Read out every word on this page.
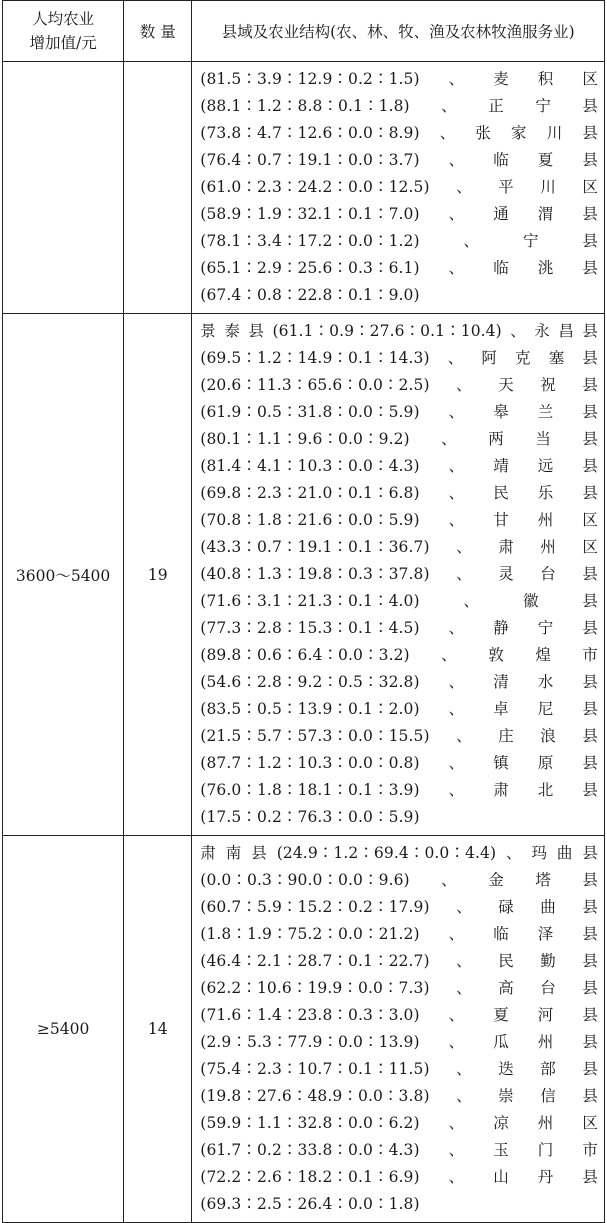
人均农业
增加值/元	数 量	县域及农业结构(农、林、牧、渔及农林牧渔服务业)
		(81.5∶3.9∶12.9∶0.2∶1.5)、麦积区(88.1∶1.2∶8.8∶0.1∶1.8)、正宁县(73.8∶4.7∶12.6∶0.0∶8.9)、张家川县(76.4∶0.7∶19.1∶0.0∶3.7)、临夏县(61.0∶2.3∶24.2∶0.0∶12.5)、平川区(58.9∶1.9∶32.1∶0.1∶7.0)、通渭县(78.1∶3.4∶17.2∶0.0∶1.2)、宁县(65.1∶2.9∶25.6∶0.3∶6.1)、临洮县(67.4∶0.8∶22.8∶0.1∶9.0)
3600～5400	19	景泰县(61.1∶0.9∶27.6∶0.1∶10.4)、永昌县(69.5∶1.2∶14.9∶0.1∶14.3)、阿克塞县(20.6∶11.3∶65.6∶0.0∶2.5)、天祝县(61.9∶0.5∶31.8∶0.0∶5.9)、皋兰县(80.1∶1.1∶9.6∶0.0∶9.2)、两当县(81.4∶4.1∶10.3∶0.0∶4.3)、靖远县(69.8∶2.3∶21.0∶0.1∶6.8)、民乐县(70.8∶1.8∶21.6∶0.0∶5.9)、甘州区(43.3∶0.7∶19.1∶0.1∶36.7)、肃州区(40.8∶1.3∶19.8∶0.3∶37.8)、灵台县(71.6∶3.1∶21.3∶0.1∶4.0)、徽县(77.3∶2.8∶15.3∶0.1∶4.5)、静宁县(89.8∶0.6∶6.4∶0.0∶3.2)、敦煌市(54.6∶2.8∶9.2∶0.5∶32.8)、清水县(83.5∶0.5∶13.9∶0.1∶2.0)、卓尼县(21.5∶5.7∶57.3∶0.0∶15.5)、庄浪县(87.7∶1.2∶10.3∶0.0∶0.8)、镇原县(76.0∶1.8∶18.1∶0.1∶3.9)、肃北县(17.5∶0.2∶76.3∶0.0∶5.9)
≥5400	14	肃南县(24.9∶1.2∶69.4∶0.0∶4.4)、玛曲县(0.0∶0.3∶90.0∶0.0∶9.6)、金塔县(60.7∶5.9∶15.2∶0.2∶17.9)、碌曲县(1.8∶1.9∶75.2∶0.0∶21.2)、临泽县(46.4∶2.1∶28.7∶0.1∶22.7)、民勤县(62.2∶10.6∶19.9∶0.0∶7.3)、高台县(71.6∶1.4∶23.8∶0.3∶3.0)、夏河县(2.9∶5.3∶77.9∶0.0∶13.9)、瓜州县(75.4∶2.3∶10.7∶0.1∶11.5)、迭部县(19.8∶27.6∶48.9∶0.0∶3.8)、崇信县(59.9∶1.1∶32.8∶0.0∶6.2)、凉州区(61.7∶0.2∶33.8∶0.0∶4.3)、玉门市(72.2∶2.6∶18.2∶0.1∶6.9)、山丹县(69.3∶2.5∶26.4∶0.0∶1.8)
